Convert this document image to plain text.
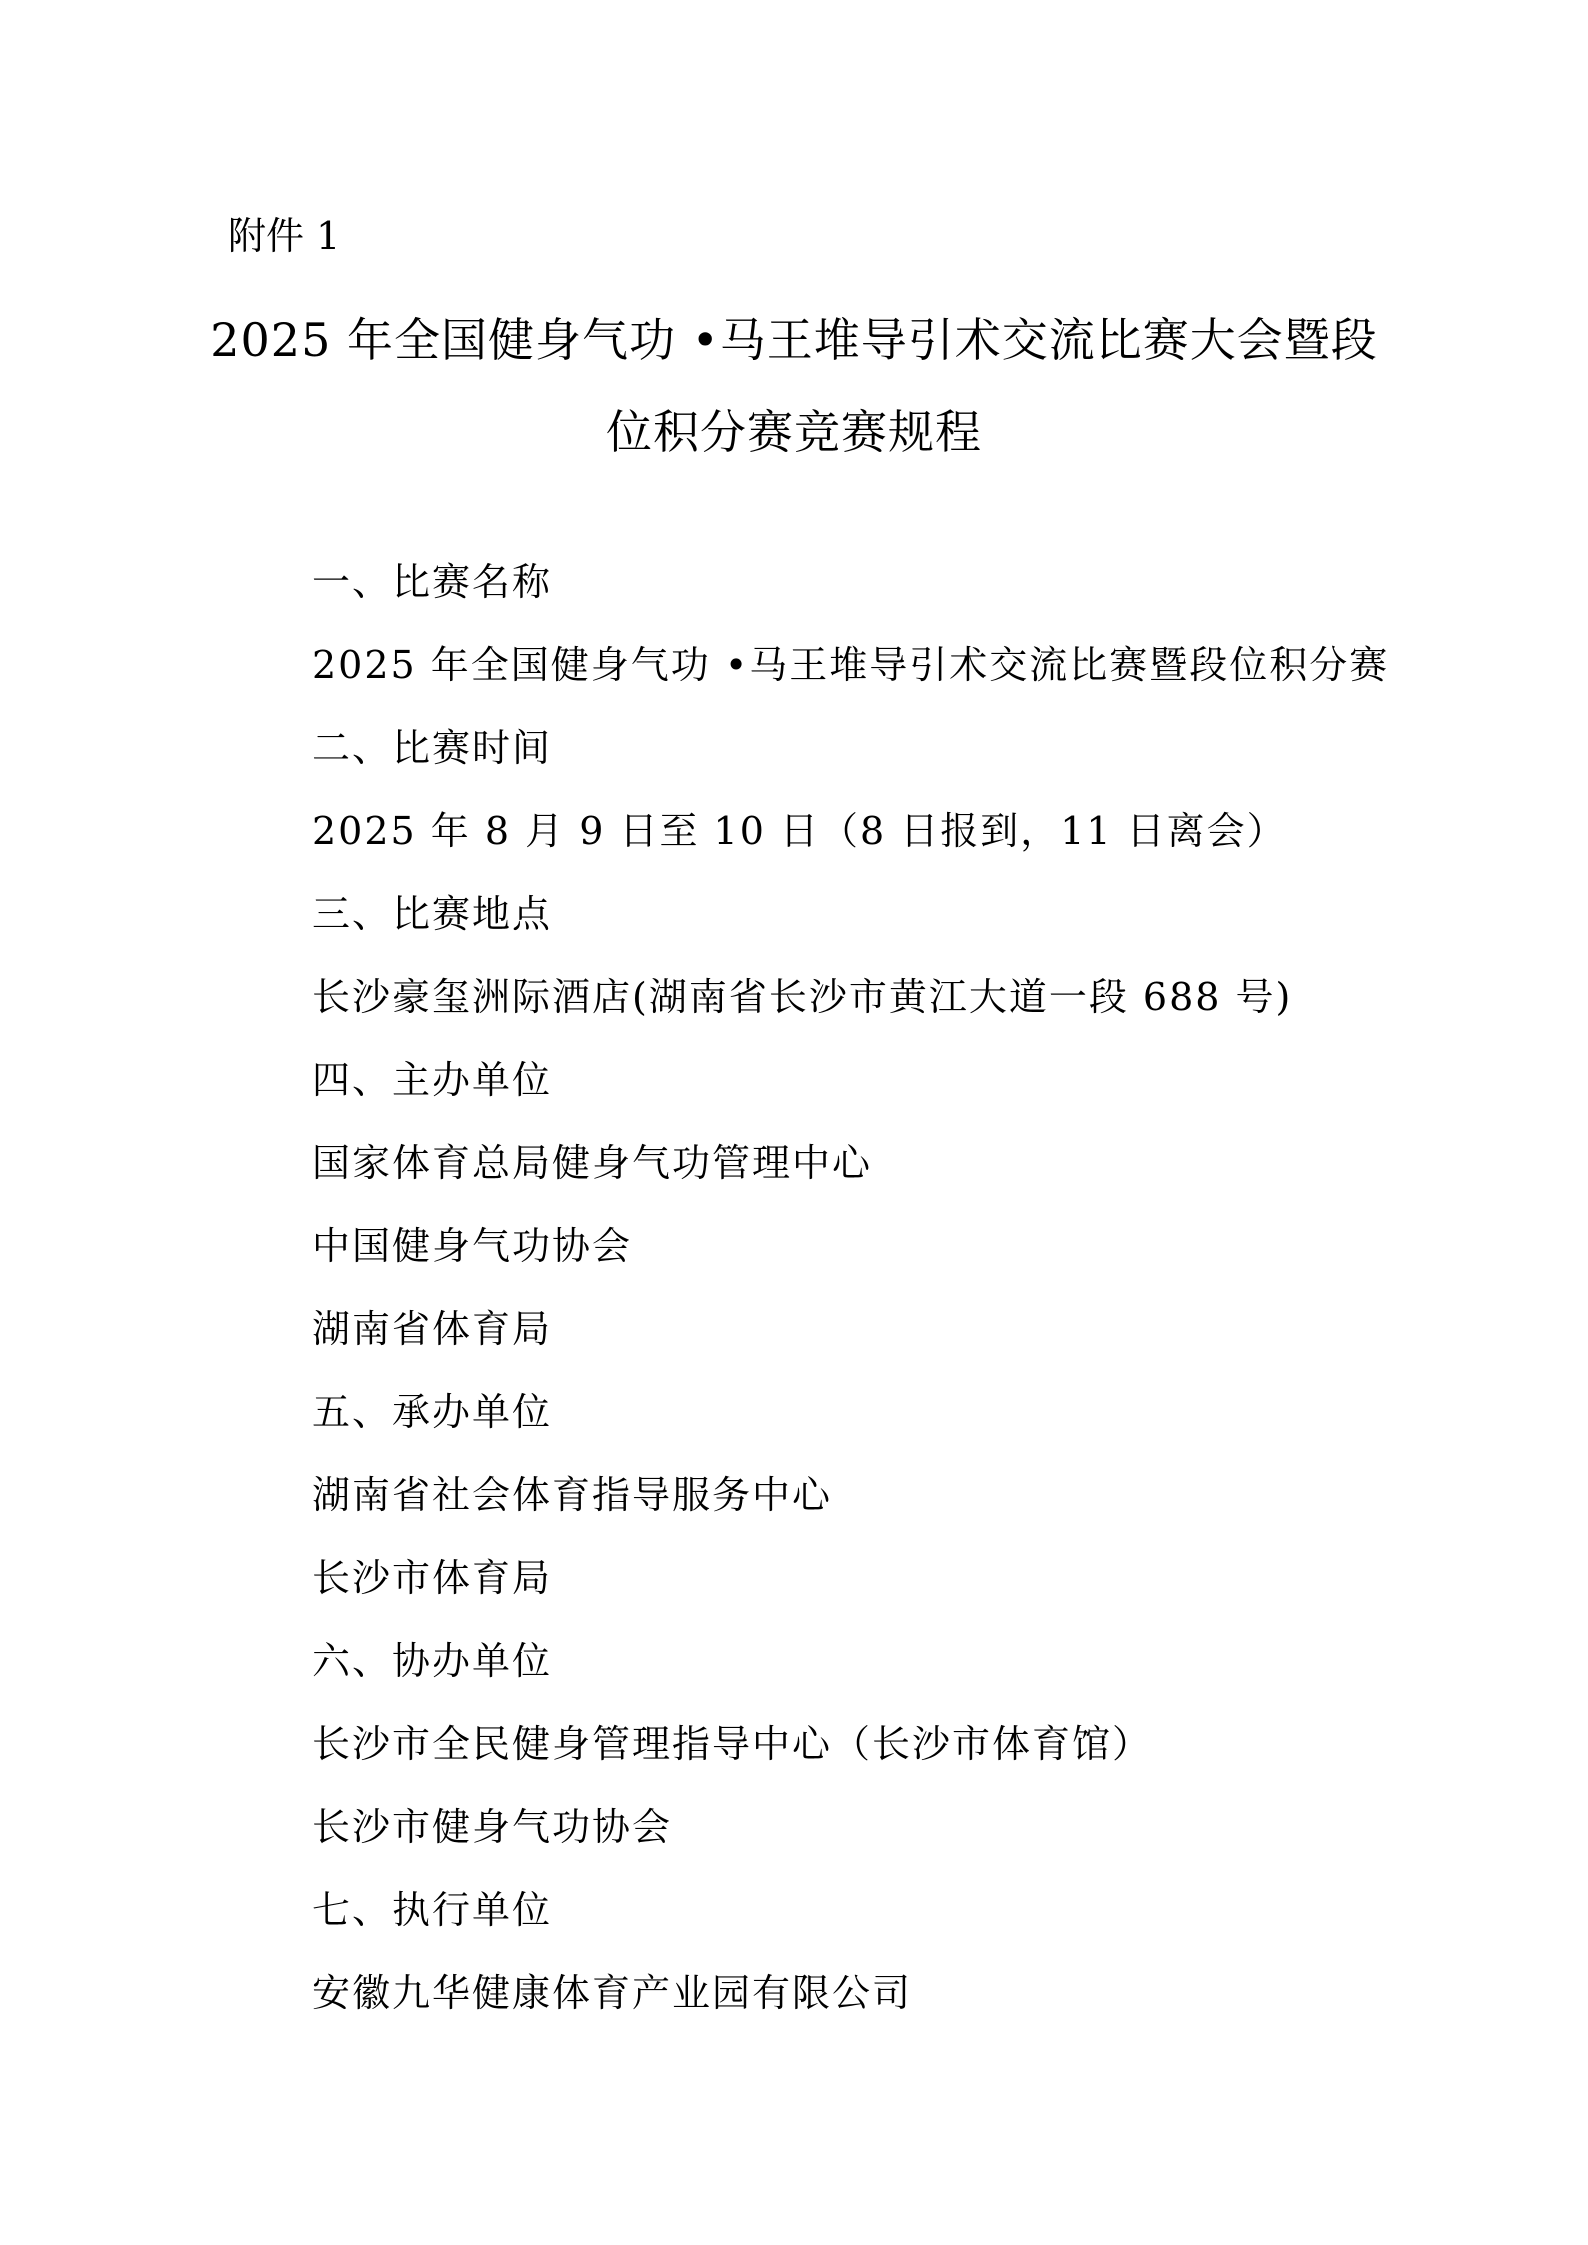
附件 1
2025 年全国健身气功 •马王堆导引术交流比赛大会暨段
位积分赛竞赛规程
一、比赛名称
2025 年全国健身气功 •马王堆导引术交流比赛暨段位积分赛
二、比赛时间
2025 年 8 月 9 日至 10 日（8 日报到，11 日离会）
三、比赛地点
长沙豪玺洲际酒店(湖南省长沙市黄江大道一段 688 号)
四、主办单位
国家体育总局健身气功管理中心
中国健身气功协会
湖南省体育局
五、承办单位
湖南省社会体育指导服务中心
长沙市体育局
六、协办单位
长沙市全民健身管理指导中心（长沙市体育馆）
长沙市健身气功协会
七、执行单位
安徽九华健康体育产业园有限公司
